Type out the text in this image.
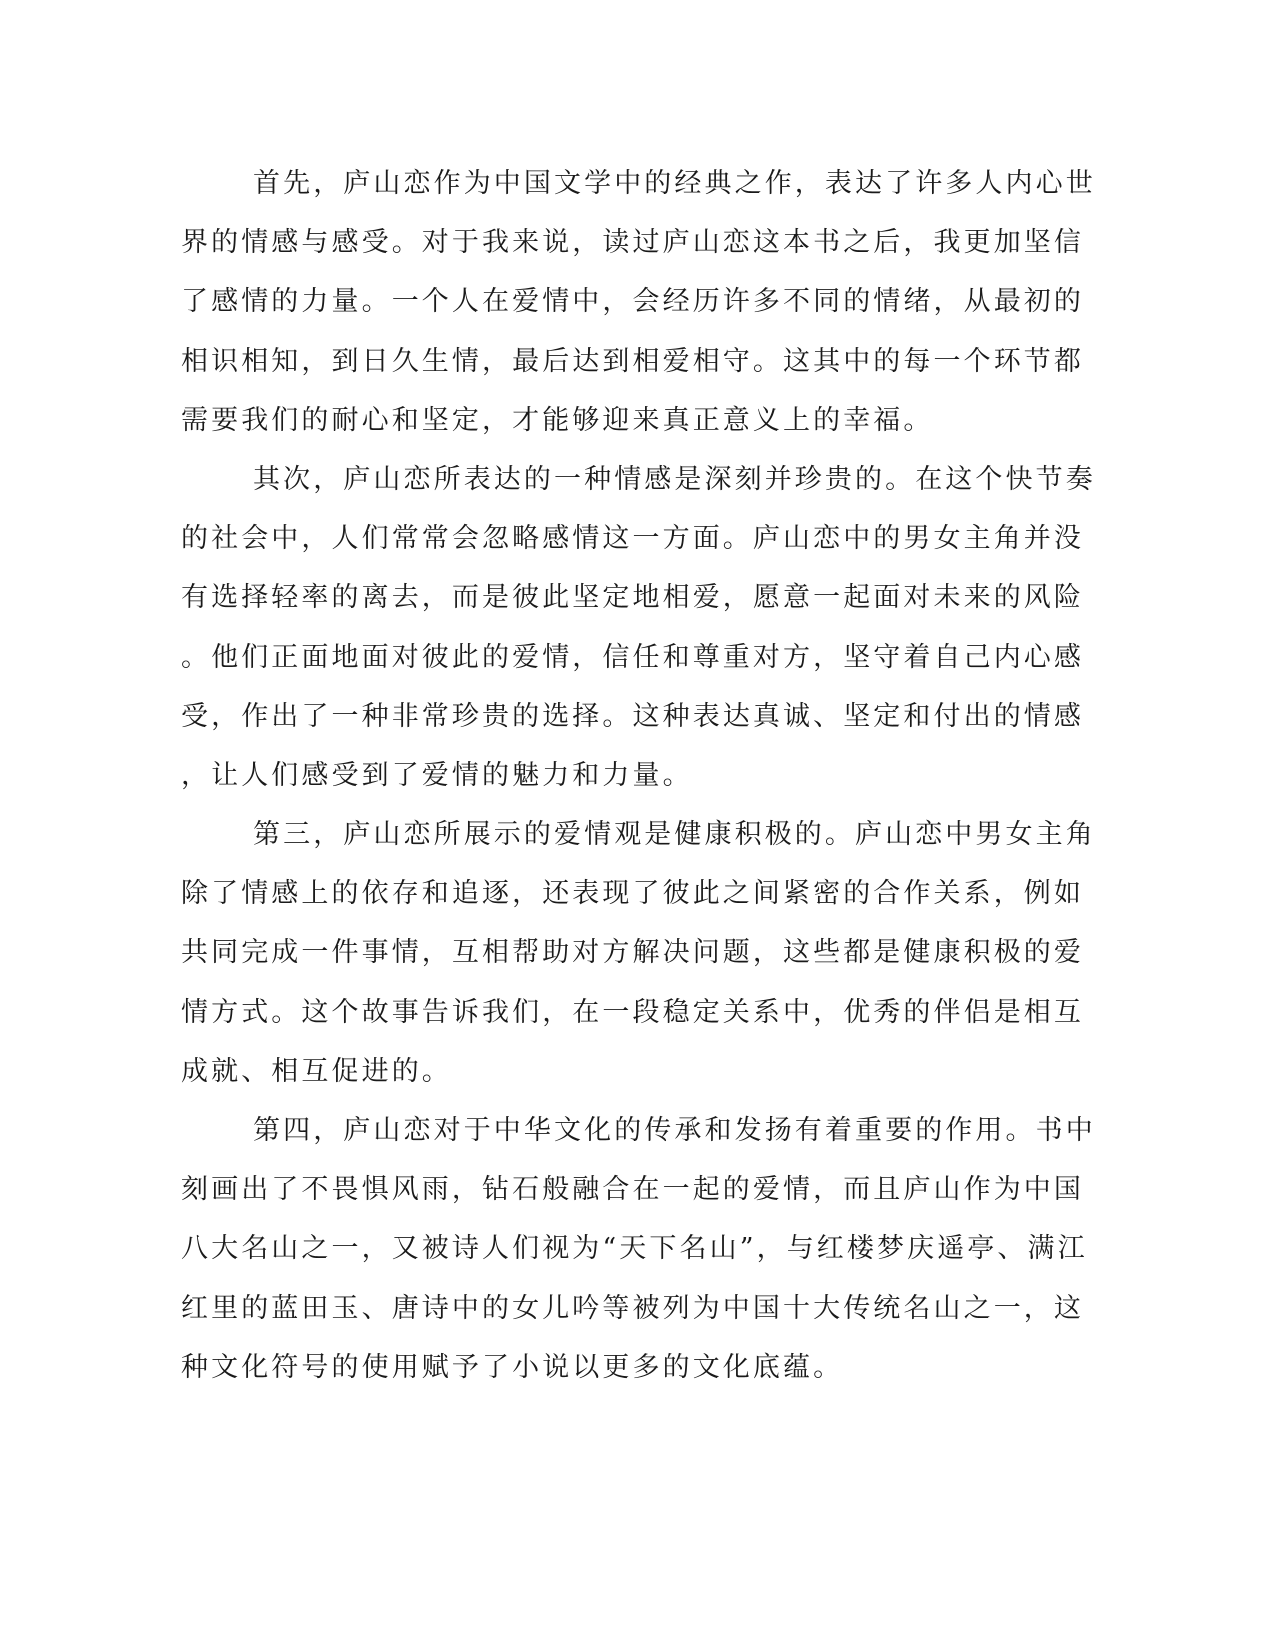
首先，庐山恋作为中国文学中的经典之作，表达了许多人内心世
界的情感与感受。对于我来说，读过庐山恋这本书之后，我更加坚信
了感情的力量。一个人在爱情中，会经历许多不同的情绪，从最初的
相识相知，到日久生情，最后达到相爱相守。这其中的每一个环节都
需要我们的耐心和坚定，才能够迎来真正意义上的幸福。
其次，庐山恋所表达的一种情感是深刻并珍贵的。在这个快节奏
的社会中，人们常常会忽略感情这一方面。庐山恋中的男女主角并没
有选择轻率的离去，而是彼此坚定地相爱，愿意一起面对未来的风险
。他们正面地面对彼此的爱情，信任和尊重对方，坚守着自己内心感
受，作出了一种非常珍贵的选择。这种表达真诚、坚定和付出的情感
，让人们感受到了爱情的魅力和力量。
第三，庐山恋所展示的爱情观是健康积极的。庐山恋中男女主角
除了情感上的依存和追逐，还表现了彼此之间紧密的合作关系，例如
共同完成一件事情，互相帮助对方解决问题，这些都是健康积极的爱
情方式。这个故事告诉我们，在一段稳定关系中，优秀的伴侣是相互
成就、相互促进的。
第四，庐山恋对于中华文化的传承和发扬有着重要的作用。书中
刻画出了不畏惧风雨，钻石般融合在一起的爱情，而且庐山作为中国
八大名山之一，又被诗人们视为“天下名山”，与红楼梦庆遥亭、满江
红里的蓝田玉、唐诗中的女儿吟等被列为中国十大传统名山之一，这
种文化符号的使用赋予了小说以更多的文化底蕴。
